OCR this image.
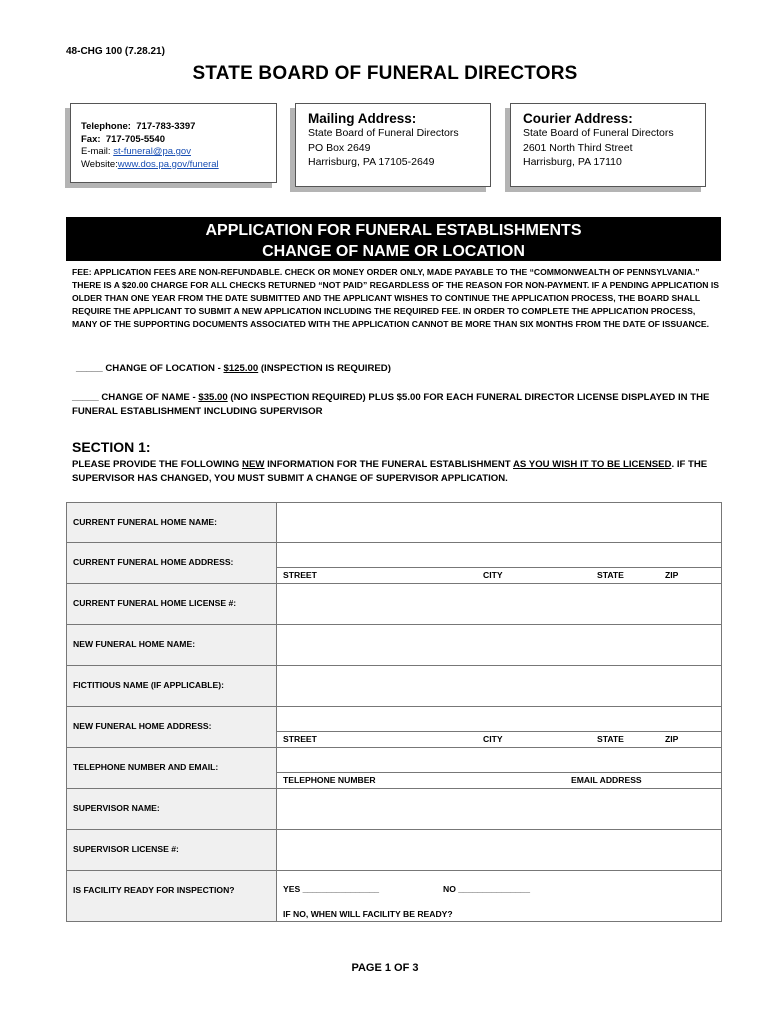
48-CHG 100 (7.28.21)
STATE BOARD OF FUNERAL DIRECTORS
Telephone: 717-783-3397
Fax: 717-705-5540
E-mail: st-funeral@pa.gov
Website:www.dos.pa.gov/funeral
Mailing Address:
State Board of Funeral Directors
PO Box 2649
Harrisburg, PA 17105-2649
Courier Address:
State Board of Funeral Directors
2601 North Third Street
Harrisburg, PA 17110
APPLICATION FOR FUNERAL ESTABLISHMENTS
CHANGE OF NAME OR LOCATION
FEE: APPLICATION FEES ARE NON-REFUNDABLE. CHECK OR MONEY ORDER ONLY, MADE PAYABLE TO THE “COMMONWEALTH OF PENNSYLVANIA.” THERE IS A $20.00 CHARGE FOR ALL CHECKS RETURNED “NOT PAID” REGARDLESS OF THE REASON FOR NON-PAYMENT. IF A PENDING APPLICATION IS OLDER THAN ONE YEAR FROM THE DATE SUBMITTED AND THE APPLICANT WISHES TO CONTINUE THE APPLICATION PROCESS, THE BOARD SHALL REQUIRE THE APPLICANT TO SUBMIT A NEW APPLICATION INCLUDING THE REQUIRED FEE. IN ORDER TO COMPLETE THE APPLICATION PROCESS, MANY OF THE SUPPORTING DOCUMENTS ASSOCIATED WITH THE APPLICATION CANNOT BE MORE THAN SIX MONTHS FROM THE DATE OF ISSUANCE.
_____ CHANGE OF LOCATION - $125.00 (INSPECTION IS REQUIRED)
_____ CHANGE OF NAME - $35.00 (NO INSPECTION REQUIRED) PLUS $5.00 FOR EACH FUNERAL DIRECTOR LICENSE DISPLAYED IN THE FUNERAL ESTABLISHMENT INCLUDING SUPERVISOR
SECTION 1:
PLEASE PROVIDE THE FOLLOWING NEW INFORMATION FOR THE FUNERAL ESTABLISHMENT AS YOU WISH IT TO BE LICENSED. IF THE SUPERVISOR HAS CHANGED, YOU MUST SUBMIT A CHANGE OF SUPERVISOR APPLICATION.
CURRENT FUNERAL HOME NAME:	
CURRENT FUNERAL HOME ADDRESS:	STREET CITY STATE ZIP

CURRENT FUNERAL HOME LICENSE #:	
NEW FUNERAL HOME NAME:	
FICTITIOUS NAME (IF APPLICABLE):	
NEW FUNERAL HOME ADDRESS:	STREET CITY STATE ZIP

TELEPHONE NUMBER AND EMAIL:	TELEPHONE NUMBER EMAIL ADDRESS

SUPERVISOR NAME:	
SUPERVISOR LICENSE #:	
IS FACILITY READY FOR INSPECTION?	YES ________________ NO _______________
IF NO, WHEN WILL FACILITY BE READY?
PAGE 1 OF 3
